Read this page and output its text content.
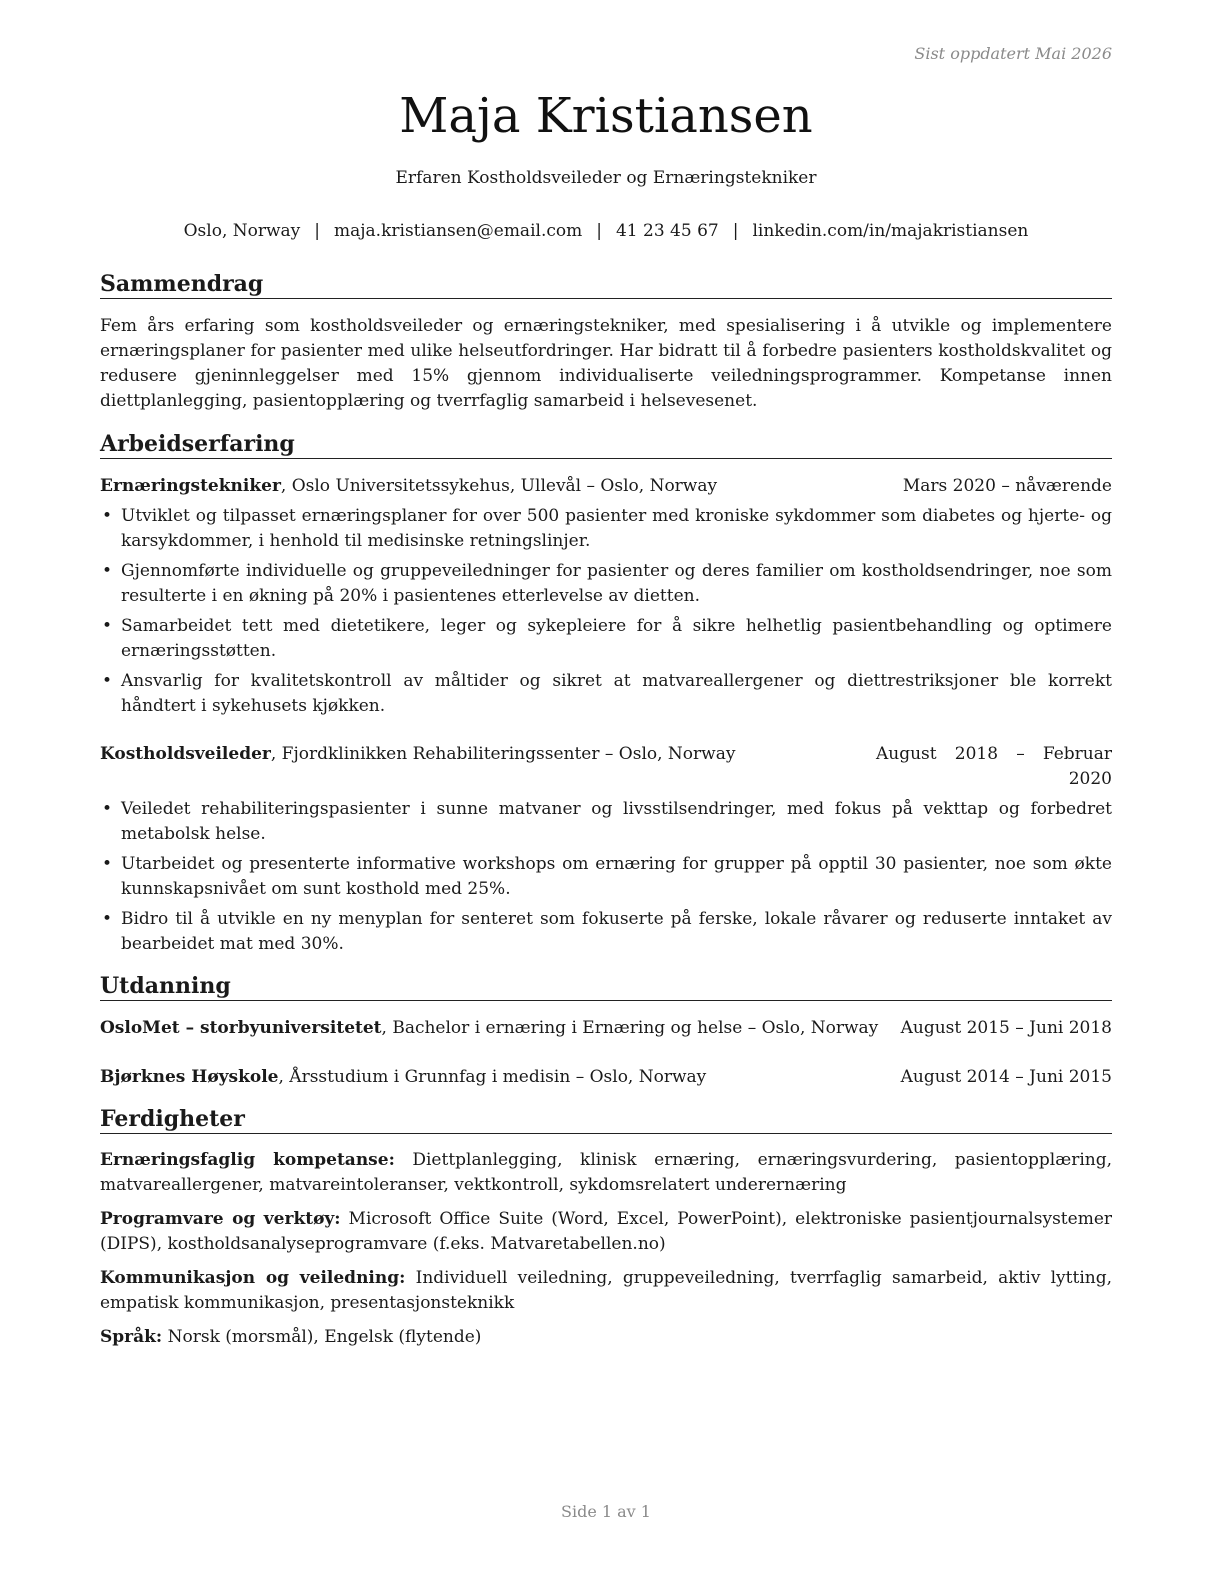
Sist oppdatert Mai 2026
Maja Kristiansen
Erfaren Kostholdsveileder og Ernæringstekniker
Oslo, Norway | maja.kristiansen@email.com | 41 23 45 67 | linkedin.com/in/majakristiansen
Sammendrag
Fem års erfaring som kostholdsveileder og ernæringstekniker, med spesialisering i å utvikle og implementere ernæringsplaner for pasienter med ulike helseutfordringer. Har bidratt til å forbedre pasienters kostholdskvalitet og redusere gjeninnleggelser med 15% gjennom individualiserte veiledningsprogrammer. Kompetanse innen diettplanlegging, pasientopplæring og tverrfaglig samarbeid i helsevesenet.
Arbeidserfaring
Ernæringstekniker, Oslo Universitetssykehus, Ullevål – Oslo, Norway	Mars 2020 – nåværende
• Utviklet og tilpasset ernæringsplaner for over 500 pasienter med kroniske sykdommer som diabetes og hjerte- og karsykdommer, i henhold til medisinske retningslinjer.
• Gjennomførte individuelle og gruppeveiledninger for pasienter og deres familier om kostholdsendringer, noe som resulterte i en økning på 20% i pasientenes etterlevelse av dietten.
• Samarbeidet tett med dietetikere, leger og sykepleiere for å sikre helhetlig pasientbehandling og optimere ernæringsstøtten.
• Ansvarlig for kvalitetskontroll av måltider og sikret at matvareallergener og diettrestriksjoner ble korrekt håndtert i sykehusets kjøkken.
Kostholdsveileder, Fjordklinikken Rehabiliteringssenter – Oslo, Norway	August 2018 – Februar 2020
• Veiledet rehabiliteringspasienter i sunne matvaner og livsstilsendringer, med fokus på vekttap og forbedret metabolsk helse.
• Utarbeidet og presenterte informative workshops om ernæring for grupper på opptil 30 pasienter, noe som økte kunnskapsnivået om sunt kosthold med 25%.
• Bidro til å utvikle en ny menyplan for senteret som fokuserte på ferske, lokale råvarer og reduserte inntaket av bearbeidet mat med 30%.
Utdanning
OsloMet – storbyuniversitetet, Bachelor i ernæring i Ernæring og helse – Oslo, Norway August 2015 – Juni 2018
Bjørknes Høyskole, Årsstudium i Grunnfag i medisin – Oslo, Norway	August 2014 – Juni 2015
Ferdigheter
Ernæringsfaglig kompetanse: Diettplanlegging, klinisk ernæring, ernæringsvurdering, pasientopplæring, matvareallergener, matvareintoleranser, vektkontroll, sykdomsrelatert underernæring
Programvare og verktøy: Microsoft Office Suite (Word, Excel, PowerPoint), elektroniske pasientjournalsystemer (DIPS), kostholdsanalyseprogramvare (f.eks. Matvaretabellen.no)
Kommunikasjon og veiledning: Individuell veiledning, gruppeveiledning, tverrfaglig samarbeid, aktiv lytting, empatisk kommunikasjon, presentasjonsteknikk
Språk: Norsk (morsmål), Engelsk (flytende)
Side 1 av 1
